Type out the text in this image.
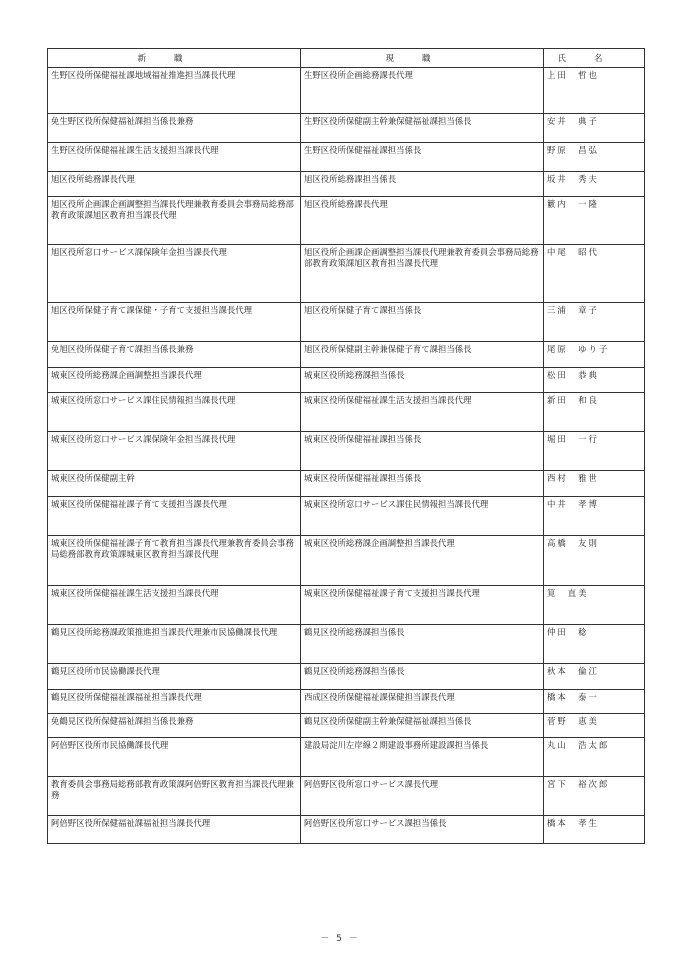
新職	現職	氏名
生野区役所保健福祉課地域福祉推進担当課長代理	生野区役所企画総務課長代理	上田　哲也
免生野区役所保健福祉課担当係長兼務	生野区役所保健副主幹兼保健福祉課担当係長	安井　典子
生野区役所保健福祉課生活支援担当課長代理	生野区役所保健福祉課担当係長	野原　昌弘
旭区役所総務課長代理	旭区役所総務課担当係長	坂井　秀夫
旭区役所企画課企画調整担当課長代理兼教育委員会事務局総務部教育政策課旭区教育担当課長代理	旭区役所総務課長代理	籔内　一隆
旭区役所窓口サービス課保険年金担当課長代理	旭区役所企画課企画調整担当課長代理兼教育委員会事務局総務部教育政策課旭区教育担当課長代理	中尾　昭代
旭区役所保健子育て課保健・子育て支援担当課長代理	旭区役所保健子育て課担当係長	三浦　章子
免旭区役所保健子育て課担当係長兼務	旭区役所保健副主幹兼保健子育て課担当係長	尾原　ゆり子
城東区役所総務課企画調整担当課長代理	城東区役所総務課担当係長	松田　恭典
城東区役所窓口サービス課住民情報担当課長代理	城東区役所保健福祉課生活支援担当課長代理	新田　和良
城東区役所窓口サービス課保険年金担当課長代理	城東区役所保健福祉課担当係長	堀田　一行
城東区役所保健副主幹	城東区役所保健福祉課担当係長	西村　雅世
城東区役所保健福祉課子育て支援担当課長代理	城東区役所窓口サービス課住民情報担当課長代理	中井　孝博
城東区役所保健福祉課子育て教育担当課長代理兼教育委員会事務局総務部教育政策課城東区教育担当課長代理	城東区役所総務課企画調整担当課長代理	高橋　友則
城東区役所保健福祉課生活支援担当課長代理	城東区役所保健福祉課子育て支援担当課長代理	筧　直美
鶴見区役所総務課政策推進担当課長代理兼市民協働課長代理	鶴見区役所総務課担当係長	仲田　稔
鶴見区役所市民協働課長代理	鶴見区役所総務課担当係長	秋本　倫江
鶴見区役所保健福祉課福祉担当課長代理	西成区役所保健福祉課保健担当課長代理	橋本　泰一
免鶴見区役所保健福祉課担当係長兼務	鶴見区役所保健副主幹兼保健福祉課担当係長	菅野　恵美
阿倍野区役所市民協働課長代理	建設局淀川左岸線２期建設事務所建設課担当係長	丸山　浩太郎
教育委員会事務局総務部教育政策課阿倍野区教育担当課長代理兼務	阿倍野区役所窓口サービス課長代理	宮下　裕次郎
阿倍野区役所保健福祉課福祉担当課長代理	阿倍野区役所窓口サービス課担当係長	橋本　孝生
－ 5 －
